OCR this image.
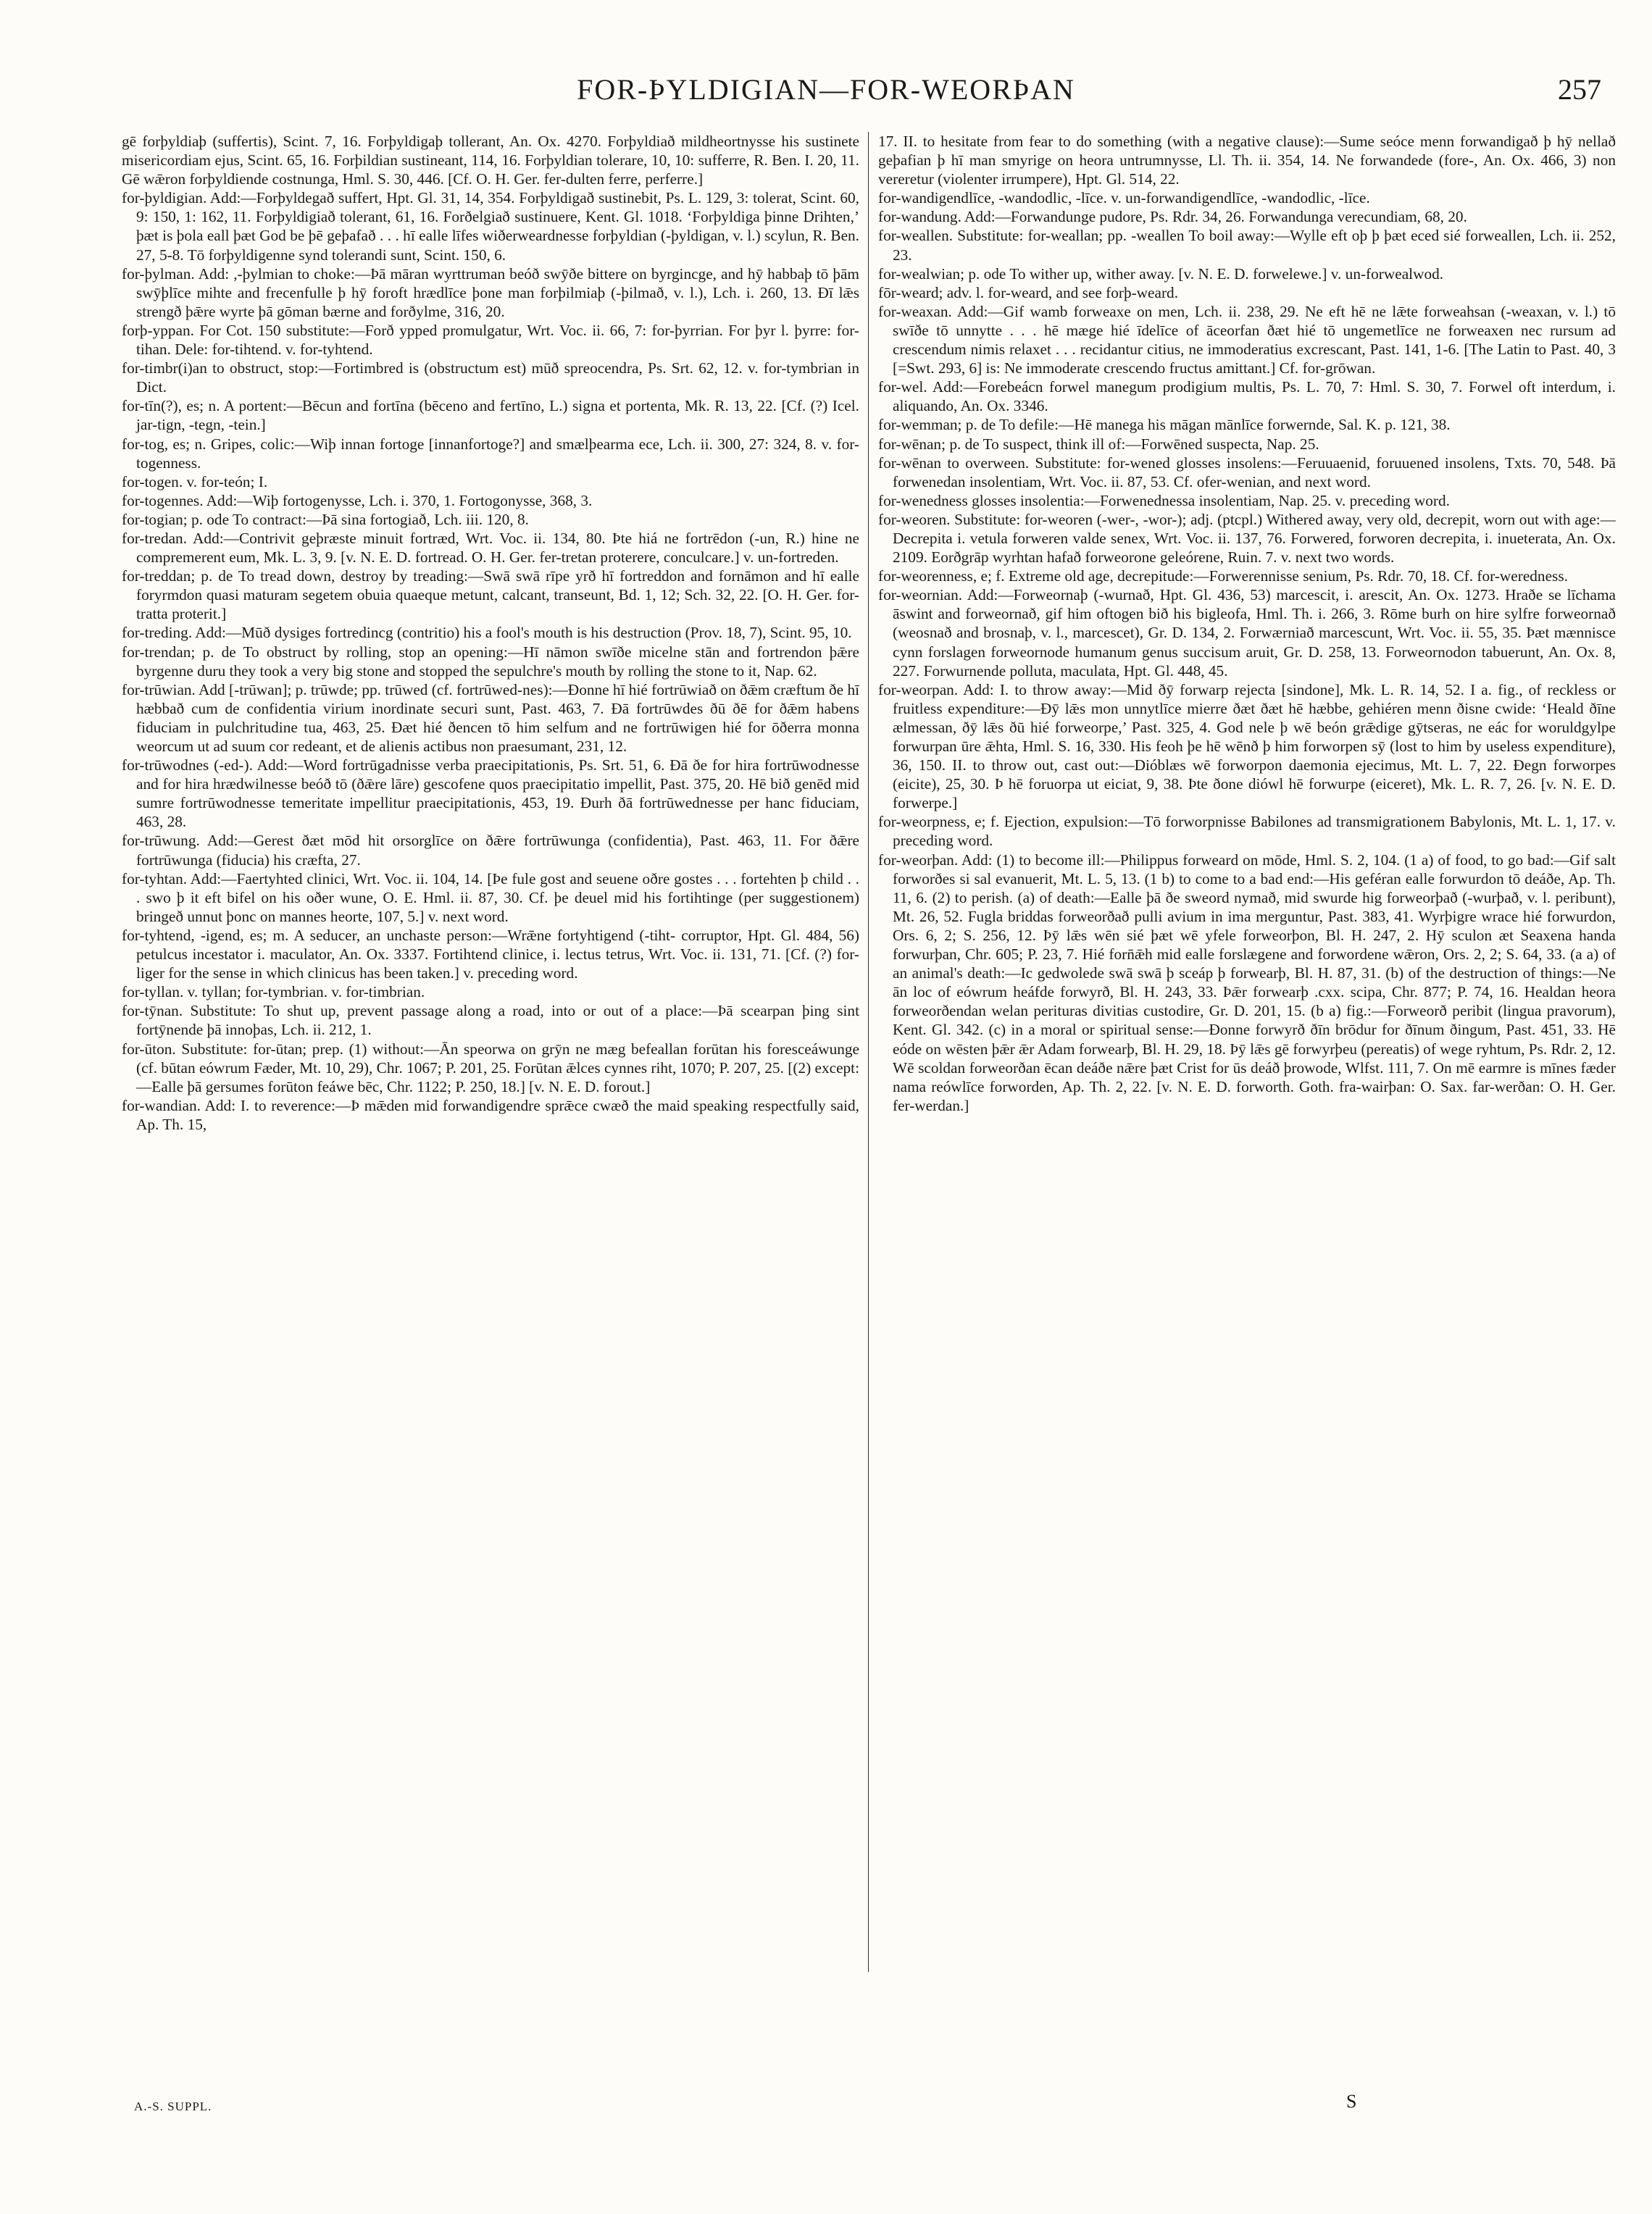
FOR-ÞYLDIGIAN—FOR-WEORÞAN	257

gē forþyldiaþ (suffertis), Scint. 7, 16. Forþyldigaþ tollerant, An. Ox. 4270. Forþyldiað mildheortnysse his sustinete misericordiam ejus, Scint. 65, 16. Forþildian sustineant, 114, 16. Forþyldian tolerare, 10, 10: sufferre, R. Ben. I. 20, 11. Gē wǣron forþyldiende costnunga, Hml. S. 30, 446. [Cf. O. H. Ger. fer-dulten ferre, perferre.]

for-þyldigian. Add:—Forþyldegað suffert, Hpt. Gl. 31, 14, 354. Forþyldigað sustinebit, Ps. L. 129, 3: tolerat, Scint. 60, 9: 150, 1: 162, 11. Forþyldigiað tolerant, 61, 16. Forðelgiað sustinuere, Kent. Gl. 1018. ‘Forþyldiga þinne Drihten,’ þæt is þola eall þæt God be þē geþafað . . . hī ealle līfes wiðerweardnesse forþyldian (-þyldigan, v. l.) scylun, R. Ben. 27, 5-8. Tō forþyldigenne synd tolerandi sunt, Scint. 150, 6.

for-þylman. Add: ,-þylmian to choke:—Þā māran wyrttruman beóð swȳðe bittere on byrgincge, and hȳ habbaþ tō þām swȳþlīce mihte and frecenfulle þ hȳ foroft hrædlīce þone man forþilmiaþ (-þilmað, v. l.), Lch. i. 260, 13. Ðī lǣs strengð þǣre wyrte þā gōman bærne and forðylme, 316, 20.

forþ-yppan. For Cot. 150 substitute:—Forð ypped promulgatur, Wrt. Voc. ii. 66, 7: for-þyrrian. For þyr l. þyrre: for-tihan. Dele: for-tihtend. v. for-tyhtend.

for-timbr(i)an to obstruct, stop:—Fortimbred is (obstructum est) mūð spreocendra, Ps. Srt. 62, 12. v. for-tymbrian in Dict.

for-tīn(?), es; n. A portent:—Bēcun and fortīna (bēceno and fertīno, L.) signa et portenta, Mk. R. 13, 22. [Cf. (?) Icel. jar-tign, -tegn, -tein.]

for-tog, es; n. Gripes, colic:—Wiþ innan fortoge [innanfortoge?] and smælþearma ece, Lch. ii. 300, 27: 324, 8. v. for-togenness.

for-togen. v. for-teón; I.

for-togennes. Add:—Wiþ fortogenysse, Lch. i. 370, 1. Fortogonysse, 368, 3.

for-togian; p. ode To contract:—Þā sina fortogiað, Lch. iii. 120, 8.

for-tredan. Add:—Contrivit geþræste minuit fortræd, Wrt. Voc. ii. 134, 80. Þte hiá ne fortrēdon (-un, R.) hine ne compremerent eum, Mk. L. 3, 9. [v. N. E. D. fortread. O. H. Ger. fer-tretan proterere, conculcare.] v. un-fortreden.

for-treddan; p. de To tread down, destroy by treading:—Swā swā rīpe yrð hī fortreddon and fornāmon and hī ealle foryrmdon quasi maturam segetem obuia quaeque metunt, calcant, transeunt, Bd. 1, 12; Sch. 32, 22. [O. H. Ger. for-tratta proterit.]

for-treding. Add:—Mūð dysiges fortredincg (contritio) his a fool's mouth is his destruction (Prov. 18, 7), Scint. 95, 10.

for-trendan; p. de To obstruct by rolling, stop an opening:—Hī nāmon swīðe micelne stān and fortrendon þǣre byrgenne duru they took a very big stone and stopped the sepulchre's mouth by rolling the stone to it, Nap. 62.

for-trūwian. Add [-trūwan]; p. trūwde; pp. trūwed (cf. fortrūwed-nes):—Ðonne hī hié fortrūwiað on ðǣm cræftum ðe hī hæbbað cum de confidentia virium inordinate securi sunt, Past. 463, 7. Ðā fortrūwdes ðū ðē for ðǣm habens fiduciam in pulchritudine tua, 463, 25. Ðæt hié ðencen tō him selfum and ne fortrūwigen hié for ōðerra monna weorcum ut ad suum cor redeant, et de alienis actibus non praesumant, 231, 12.

for-trūwodnes (-ed-). Add:—Word fortrūgadnisse verba praecipitationis, Ps. Srt. 51, 6. Ðā ðe for hira fortrūwodnesse and for hira hrædwilnesse beóð tō (ðǣre lāre) gescofene quos praecipitatio impellit, Past. 375, 20. Hē bið genēd mid sumre fortrūwodnesse temeritate impellitur praecipitationis, 453, 19. Ðurh ðā fortrūwednesse per hanc fiduciam, 463, 28.

for-trūwung. Add:—Gerest ðæt mōd hit orsorglīce on ðǣre fortrūwunga (confidentia), Past. 463, 11. For ðǣre fortrūwunga (fiducia) his cræfta, 27.

for-tyhtan. Add:—Faertyhted clinici, Wrt. Voc. ii. 104, 14. [Þe fule gost and seuene oðre gostes . . . fortehten þ child . . . swo þ it eft bifel on his oðer wune, O. E. Hml. ii. 87, 30. Cf. þe deuel mid his fortihtinge (per suggestionem) bringeð unnut þonc on mannes heorte, 107, 5.] v. next word.

for-tyhtend, -igend, es; m. A seducer, an unchaste person:—Wrǣne fortyhtigend (-tiht- corruptor, Hpt. Gl. 484, 56) petulcus incestator i. maculator, An. Ox. 3337. Fortihtend clinice, i. lectus tetrus, Wrt. Voc. ii. 131, 71. [Cf. (?) for-liger for the sense in which clinicus has been taken.] v. preceding word.

for-tyllan. v. tyllan; for-tymbrian. v. for-timbrian.

for-tȳnan. Substitute: To shut up, prevent passage along a road, into or out of a place:—Þā scearpan þing sint fortȳnende þā innoþas, Lch. ii. 212, 1.

for-ūton. Substitute: for-ūtan; prep. (1) without:—Ān speorwa on grȳn ne mæg befeallan forūtan his foresceáwunge (cf. būtan eówrum Fæder, Mt. 10, 29), Chr. 1067; P. 201, 25. Forūtan ǣlces cynnes riht, 1070; P. 207, 25. [(2) except:—Ealle þā gersumes forūton feáwe bēc, Chr. 1122; P. 250, 18.] [v. N. E. D. forout.]

for-wandian. Add: I. to reverence:—Þ mǣden mid forwandigendre sprǣce cwæð the maid speaking respectfully said, Ap. Th. 15,

17. II. to hesitate from fear to do something (with a negative clause):—Sume seóce menn forwandigað þ hȳ nellað geþafian þ hī man smyrige on heora untrumnysse, Ll. Th. ii. 354, 14. Ne forwandede (fore-, An. Ox. 466, 3) non vereretur (violenter irrumpere), Hpt. Gl. 514, 22.

for-wandigendlīce, -wandodlic, -līce. v. un-forwandigendlīce, -wandodlic, -līce.

for-wandung. Add:—Forwandunge pudore, Ps. Rdr. 34, 26. Forwandunga verecundiam, 68, 20.

for-weallen. Substitute: for-weallan; pp. -weallen To boil away:—Wylle eft oþ þ þæt eced sié forweallen, Lch. ii. 252, 23.

for-wealwian; p. ode To wither up, wither away. [v. N. E. D. forwelewe.] v. un-forwealwod.

fōr-weard; adv. l. for-weard, and see forþ-weard.

for-weaxan. Add:—Gif wamb forweaxe on men, Lch. ii. 238, 29. Ne eft hē ne lǣte forweahsan (-weaxan, v. l.) tō swīðe tō unnytte . . . hē mæge hié īdelīce of āceorfan ðæt hié tō ungemetlīce ne forweaxen nec rursum ad crescendum nimis relaxet . . . recidantur citius, ne immoderatius excrescant, Past. 141, 1-6. [The Latin to Past. 40, 3 [=Swt. 293, 6] is: Ne immoderate crescendo fructus amittant.] Cf. for-grōwan.

for-wel. Add:—Forebeácn forwel manegum prodigium multis, Ps. L. 70, 7: Hml. S. 30, 7. Forwel oft interdum, i. aliquando, An. Ox. 3346.

for-wemman; p. de To defile:—Hē manega his māgan mānlīce forwernde, Sal. K. p. 121, 38.

for-wēnan; p. de To suspect, think ill of:—Forwēned suspecta, Nap. 25.

for-wēnan to overween. Substitute: for-wened glosses insolens:—Feruuaenid, foruuened insolens, Txts. 70, 548. Þā forwenedan insolentiam, Wrt. Voc. ii. 87, 53. Cf. ofer-wenian, and next word.

for-wenedness glosses insolentia:—Forwenednessa insolentiam, Nap. 25. v. preceding word.

for-weoren. Substitute: for-weoren (-wer-, -wor-); adj. (ptcpl.) Withered away, very old, decrepit, worn out with age:—Decrepita i. vetula forweren valde senex, Wrt. Voc. ii. 137, 76. Forwered, forworen decrepita, i. inueterata, An. Ox. 2109. Eorðgrāp wyrhtan hafað forweorone geleórene, Ruin. 7. v. next two words.

for-weorenness, e; f. Extreme old age, decrepitude:—Forwerennisse senium, Ps. Rdr. 70, 18. Cf. for-weredness.

for-weornian. Add:—Forweornaþ (-wurnað, Hpt. Gl. 436, 53) marcescit, i. arescit, An. Ox. 1273. Hraðe se līchama āswint and forweornað, gif him oftogen bið his bigleofa, Hml. Th. i. 266, 3. Rōme burh on hire sylfre forweornað (weosnað and brosnaþ, v. l., marcescet), Gr. D. 134, 2. Forwærniað marcescunt, Wrt. Voc. ii. 55, 35. Þæt mænnisce cynn forslagen forweornode humanum genus succisum aruit, Gr. D. 258, 13. Forweornodon tabuerunt, An. Ox. 8, 227. Forwurnende polluta, maculata, Hpt. Gl. 448, 45.

for-weorpan. Add: I. to throw away:—Mid ðȳ forwarp rejecta [sindone], Mk. L. R. 14, 52. I a. fig., of reckless or fruitless expenditure:—Ðȳ lǣs mon unnytlīce mierre ðæt ðæt hē hæbbe, gehiéren menn ðisne cwide: ‘Heald ðīne ælmessan, ðȳ lǣs ðū hié forweorpe,’ Past. 325, 4. God nele þ wē beón grǣdige gȳtseras, ne eác for woruldgylpe forwurpan ūre ǣhta, Hml. S. 16, 330. His feoh þe hē wēnð þ him forworpen sȳ (lost to him by useless expenditure), 36, 150. II. to throw out, cast out:—Dióblæs wē forworpon daemonia ejecimus, Mt. L. 7, 22. Ðegn forworpes (eicite), 25, 30. Þ hē foruorpa ut eiciat, 9, 38. Þte ðone diówl hē forwurpe (eiceret), Mk. L. R. 7, 26. [v. N. E. D. forwerpe.]

for-weorpness, e; f. Ejection, expulsion:—Tō forworpnisse Babilones ad transmigrationem Babylonis, Mt. L. 1, 17. v. preceding word.

for-weorþan. Add: (1) to become ill:—Philippus forweard on mōde, Hml. S. 2, 104. (1 a) of food, to go bad:—Gif salt forworðes si sal evanuerit, Mt. L. 5, 13. (1 b) to come to a bad end:—His geféran ealle forwurdon tō deáðe, Ap. Th. 11, 6. (2) to perish. (a) of death:—Ealle þā ðe sweord nymað, mid swurde hig forweorþað (-wurþað, v. l. peribunt), Mt. 26, 52. Fugla briddas forweorðað pulli avium in ima merguntur, Past. 383, 41. Wyrþigre wrace hié forwurdon, Ors. 6, 2; S. 256, 12. Þȳ lǣs wēn sié þæt wē yfele forweorþon, Bl. H. 247, 2. Hȳ sculon æt Seaxena handa forwurþan, Chr. 605; P. 23, 7. Hié forn̄ǣh mid ealle forslægene and forwordene wǣron, Ors. 2, 2; S. 64, 33. (a a) of an animal's death:—Ic gedwolede swā swā þ sceáp þ forwearþ, Bl. H. 87, 31. (b) of the destruction of things:—Ne ān loc of eówrum heáfde forwyrð, Bl. H. 243, 33. Þǣr forwearþ .cxx. scipa, Chr. 877; P. 74, 16. Healdan heora forweorðendan welan perituras divitias custodire, Gr. D. 201, 15. (b a) fig.:—Forweorð peribit (lingua pravorum), Kent. Gl. 342. (c) in a moral or spiritual sense:—Ðonne forwyrð ðīn brōdur for ðīnum ðingum, Past. 451, 33. Hē eóde on wēsten þǣr ǣr Adam forwearþ, Bl. H. 29, 18. Þȳ lǣs gē forwyrþeu (pereatis) of wege ryhtum, Ps. Rdr. 2, 12. Wē scoldan forweorðan ēcan deáðe nǣre þæt Crist for ūs deáð þrowode, Wlfst. 111, 7. On mē earmre is mīnes fæder nama reówlīce forworden, Ap. Th. 2, 22. [v. N. E. D. forworth. Goth. fra-wairþan: O. Sax. far-werðan: O. H. Ger. fer-werdan.]

A.-S. SUPPL.	S
